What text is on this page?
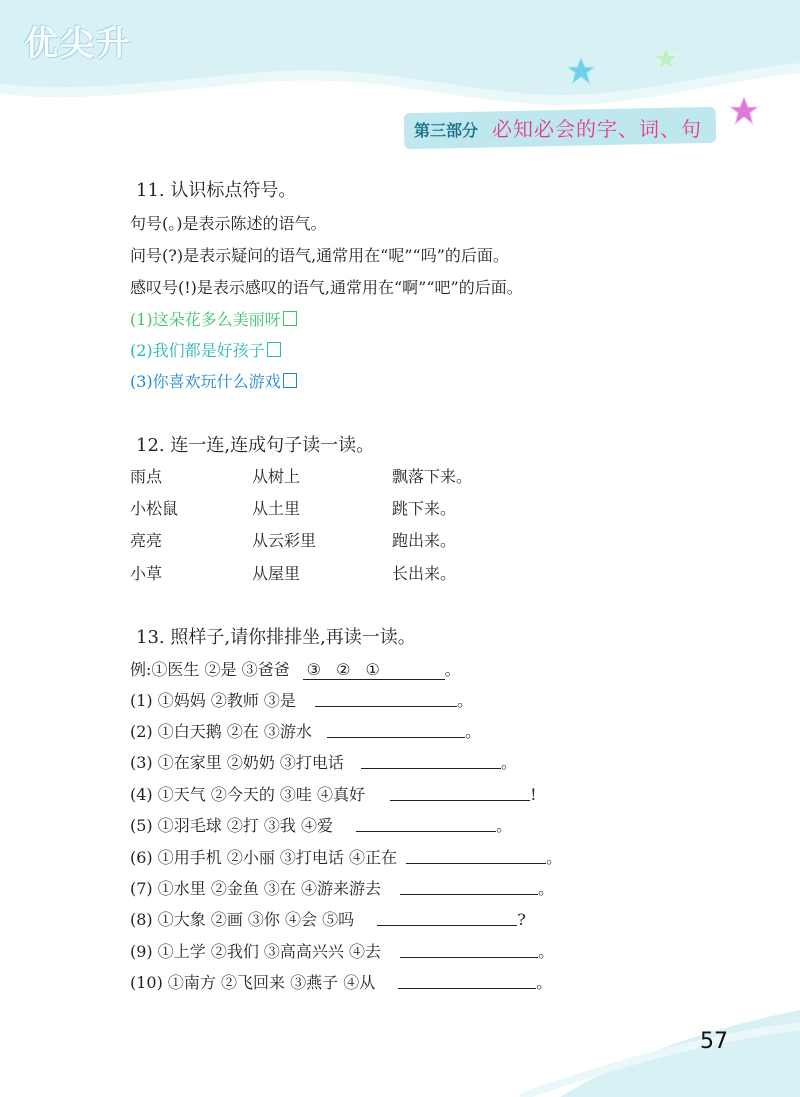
优尖升
第三部分 必知必会的字、词、句
11. 认识标点符号。
句号(。)是表示陈述的语气。
问号(?)是表示疑问的语气,通常用在“呢”“吗”的后面。
感叹号(!)是表示感叹的语气,通常用在“啊”“吧”的后面。
(1)这朵花多么美丽呀
(2)我们都是好孩子
(3)你喜欢玩什么游戏
12. 连一连,连成句子读一读。
雨点	从树上	飘落下来。
小松鼠	从土里	跳下来。
亮亮	从云彩里	跑出来。
小草	从屋里	长出来。
13. 照样子,请你排排坐,再读一读。
例:①医生 ②是 ③爸爸 ③ ② ①	。
(1) ①妈妈 ②教师 ③是	。
(2) ①白天鹅 ②在 ③游水	。
(3) ①在家里 ②奶奶 ③打电话	。
(4) ①天气 ②今天的 ③哇 ④真好	!
(5) ①羽毛球 ②打 ③我 ④爱	。
(6) ①用手机 ②小丽 ③打电话 ④正在	。
(7) ①水里 ②金鱼 ③在 ④游来游去	。
(8) ①大象 ②画 ③你 ④会 ⑤吗	?
(9) ①上学 ②我们 ③高高兴兴 ④去	。
(10) ①南方 ②飞回来 ③燕子 ④从	。
57
